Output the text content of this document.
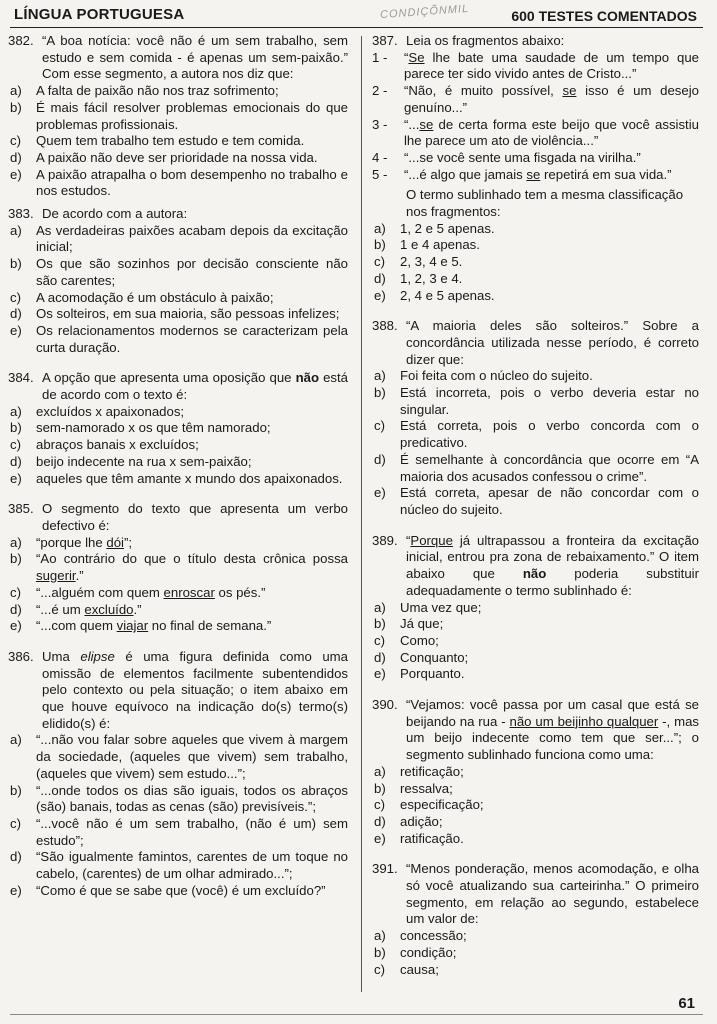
LÍNGUA PORTUGUESA	CONDIÇÕNMIL	600 TESTES COMENTADOS
382. “A boa notícia: você não é um sem trabalho, sem estudo e sem comida - é apenas um sem-paixão.” Com esse segmento, a autora nos diz que:
a)	A falta de paixão não nos traz sofrimento;
b)	É mais fácil resolver problemas emocionais do que problemas profissionais.
c)	Quem tem trabalho tem estudo e tem comida.
d)	A paixão não deve ser prioridade na nossa vida.
e)	A paixão atrapalha o bom desempenho no trabalho e nos estudos.
383. De acordo com a autora:
a)	As verdadeiras paixões acabam depois da excitação inicial;
b)	Os que são sozinhos por decisão consciente não são carentes;
c)	A acomodação é um obstáculo à paixão;
d)	Os solteiros, em sua maioria, são pessoas infelizes;
e)	Os relacionamentos modernos se caracterizam pela curta duração.
384. A opção que apresenta uma oposição que não está de acordo com o texto é:
a)	excluídos x apaixonados;
b)	sem-namorado x os que têm namorado;
c)	abraços banais x excluídos;
d)	beijo indecente na rua x sem-paixão;
e)	aqueles que têm amante x mundo dos apaixonados.
385. O segmento do texto que apresenta um verbo defectivo é:
a)	“porque lhe dói”;
b)	“Ao contrário do que o título desta crônica possa sugerir.”
c)	“...alguém com quem enroscar os pés.”
d)	“...é um excluído.”
e)	“...com quem viajar no final de semana.”
386. Uma elipse é uma figura definida como uma omissão de elementos facilmente subentendidos pelo contexto ou pela situação; o item abaixo em que houve equívoco na indicação do(s) termo(s) elidido(s) é:
a)	“...não vou falar sobre aqueles que vivem à margem da sociedade, (aqueles que vivem) sem trabalho, (aqueles que vivem) sem estudo...”;
b)	“...onde todos os dias são iguais, todos os abraços (são) banais, todas as cenas (são) previsíveis.”;
c)	“...você não é um sem trabalho, (não é um) sem estudo”;
d)	“São igualmente famintos, carentes de um toque no cabelo, (carentes) de um olhar admirado...”;
e)	“Como é que se sabe que (você) é um excluído?”
387. Leia os fragmentos abaixo:
1 -	“Se lhe bate uma saudade de um tempo que parece ter sido vivido antes de Cristo...”
2 -	“Não, é muito possível, se isso é um desejo genuíno...”
3 -	“...se de certa forma este beijo que você assistiu lhe parece um ato de violência...”
4 -	“...se você sente uma fisgada na virilha.”
5 -	“...é algo que jamais se repetirá em sua vida.”
O termo sublinhado tem a mesma classificação nos fragmentos:
a)	1, 2 e 5 apenas.
b)	1 e 4 apenas.
c)	2, 3, 4 e 5.
d)	1, 2, 3 e 4.
e)	2, 4 e 5 apenas.
388. “A maioria deles são solteiros.” Sobre a concordância utilizada nesse período, é correto dizer que:
a)	Foi feita com o núcleo do sujeito.
b)	Está incorreta, pois o verbo deveria estar no singular.
c)	Está correta, pois o verbo concorda com o predicativo.
d)	É semelhante à concordância que ocorre em “A maioria dos acusados confessou o crime”.
e)	Está correta, apesar de não concordar com o núcleo do sujeito.
389. “Porque já ultrapassou a fronteira da excitação inicial, entrou pra zona de rebaixamento.” O item abaixo que não poderia substituir adequadamente o termo sublinhado é:
a)	Uma vez que;
b)	Já que;
c)	Como;
d)	Conquanto;
e)	Porquanto.
390. “Vejamos: você passa por um casal que está se beijando na rua - não um beijinho qualquer -, mas um beijo indecente como tem que ser...”; o segmento sublinhado funciona como uma:
a)	retificação;
b)	ressalva;
c)	especificação;
d)	adição;
e)	ratificação.
391. “Menos ponderação, menos acomodação, e olha só você atualizando sua carteirinha.” O primeiro segmento, em relação ao segundo, estabelece um valor de:
a)	concessão;
b)	condição;
c)	causa;
61
